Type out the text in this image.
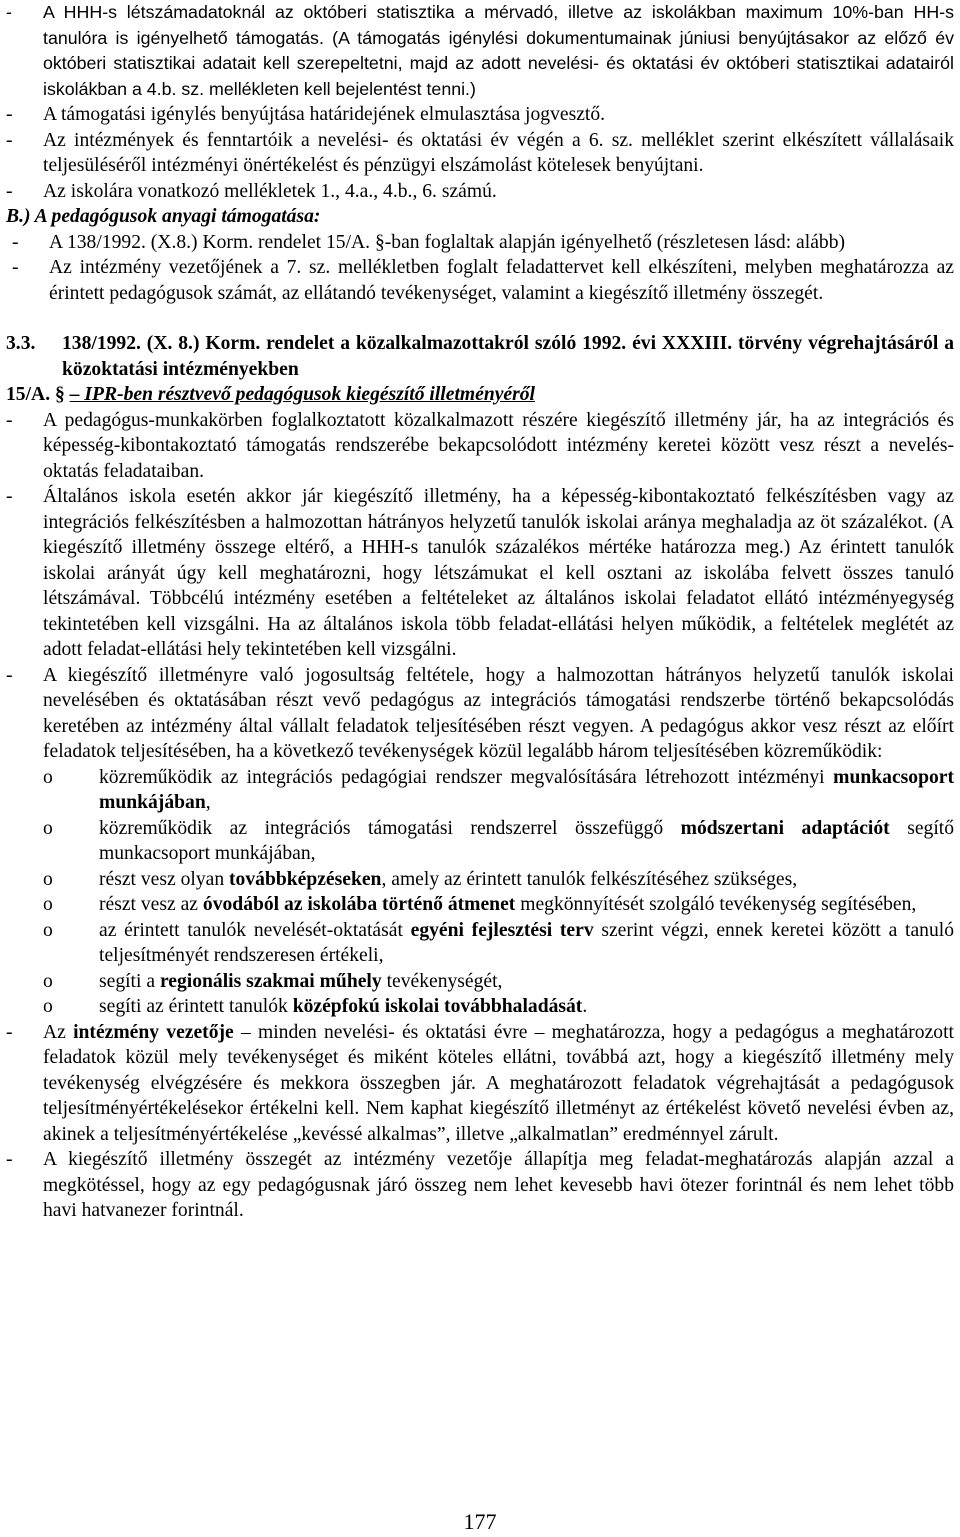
- A HHH-s létszámadatoknál az októberi statisztika a mérvadó, illetve az iskolákban maximum 10%-ban HH-s tanulóra is igényelhető támogatás. (A támogatás igénylési dokumentumainak júniusi benyújtásakor az előző év októberi statisztikai adatait kell szerepeltetni, majd az adott nevelési- és oktatási év októberi statisztikai adatairól iskolákban a 4.b. sz. mellékleten kell bejelentést tenni.)
- A támogatási igénylés benyújtása határidejének elmulasztása jogvesztő.
- Az intézmények és fenntartóik a nevelési- és oktatási év végén a 6. sz. melléklet szerint elkészített vállalásaik teljesüléséről intézményi önértékelést és pénzügyi elszámolást kötelesek benyújtani.
- Az iskolára vonatkozó mellékletek 1., 4.a., 4.b., 6. számú.
B.) A pedagógusok anyagi támogatása:
- A 138/1992. (X.8.) Korm. rendelet 15/A. §-ban foglaltak alapján igényelhető (részletesen lásd: alább)
- Az intézmény vezetőjének a 7. sz. mellékletben foglalt feladattervet kell elkészíteni, melyben meghatározza az érintett pedagógusok számát, az ellátandó tevékenységet, valamint a kiegészítő illetmény összegét.
3.3. 138/1992. (X. 8.) Korm. rendelet a közalkalmazottakról szóló 1992. évi XXXIII. törvény végrehajtásáról a közoktatási intézményekben
15/A. § – IPR-ben résztvevő pedagógusok kiegészítő illetményéről
- A pedagógus-munkakörben foglalkoztatott közalkalmazott részére kiegészítő illetmény jár, ha az integrációs és képesség-kibontakoztató támogatás rendszerébe bekapcsolódott intézmény keretei között vesz részt a nevelés-oktatás feladataiban.
- Általános iskola esetén akkor jár kiegészítő illetmény, ha a képesség-kibontakoztató felkészítésben vagy az integrációs felkészítésben a halmozottan hátrányos helyzetű tanulók iskolai aránya meghaladja az öt százalékot. (A kiegészítő illetmény összege eltérő, a HHH-s tanulók százalékos mértéke határozza meg.) Az érintett tanulók iskolai arányát úgy kell meghatározni, hogy létszámukat el kell osztani az iskolába felvett összes tanuló létszámával. Többcélú intézmény esetében a feltételeket az általános iskolai feladatot ellátó intézményegység tekintetében kell vizsgálni. Ha az általános iskola több feladat-ellátási helyen működik, a feltételek meglétét az adott feladat-ellátási hely tekintetében kell vizsgálni.
- A kiegészítő illetményre való jogosultság feltétele, hogy a halmozottan hátrányos helyzetű tanulók iskolai nevelésében és oktatásában részt vevő pedagógus az integrációs támogatási rendszerbe történő bekapcsolódás keretében az intézmény által vállalt feladatok teljesítésében részt vegyen. A pedagógus akkor vesz részt az előírt feladatok teljesítésében, ha a következő tevékenységek közül legalább három teljesítésében közreműködik:
o közreműködik az integrációs pedagógiai rendszer megvalósítására létrehozott intézményi munkacsoport munkájában,
o közreműködik az integrációs támogatási rendszerrel összefüggő módszertani adaptációt segítő munkacsoport munkájában,
o részt vesz olyan továbbképzéseken, amely az érintett tanulók felkészítéséhez szükséges,
o részt vesz az óvodából az iskolába történő átmenet megkönnyítését szolgáló tevékenység segítésében,
o az érintett tanulók nevelését-oktatását egyéni fejlesztési terv szerint végzi, ennek keretei között a tanuló teljesítményét rendszeresen értékeli,
o segíti a regionális szakmai műhely tevékenységét,
o segíti az érintett tanulók középfokú iskolai továbbhaladását.
- Az intézmény vezetője – minden nevelési- és oktatási évre – meghatározza, hogy a pedagógus a meghatározott feladatok közül mely tevékenységet és miként köteles ellátni, továbbá azt, hogy a kiegészítő illetmény mely tevékenység elvégzésére és mekkora összegben jár. A meghatározott feladatok végrehajtását a pedagógusok teljesítményértékelésekor értékelni kell. Nem kaphat kiegészítő illetményt az értékelést követő nevelési évben az, akinek a teljesítményértékelése „kevéssé alkalmas”, illetve „alkalmatlan” eredménnyel zárult.
- A kiegészítő illetmény összegét az intézmény vezetője állapítja meg feladat-meghatározás alapján azzal a megkötéssel, hogy az egy pedagógusnak járó összeg nem lehet kevesebb havi ötezer forintnál és nem lehet több havi hatvanezer forintnál.
177
